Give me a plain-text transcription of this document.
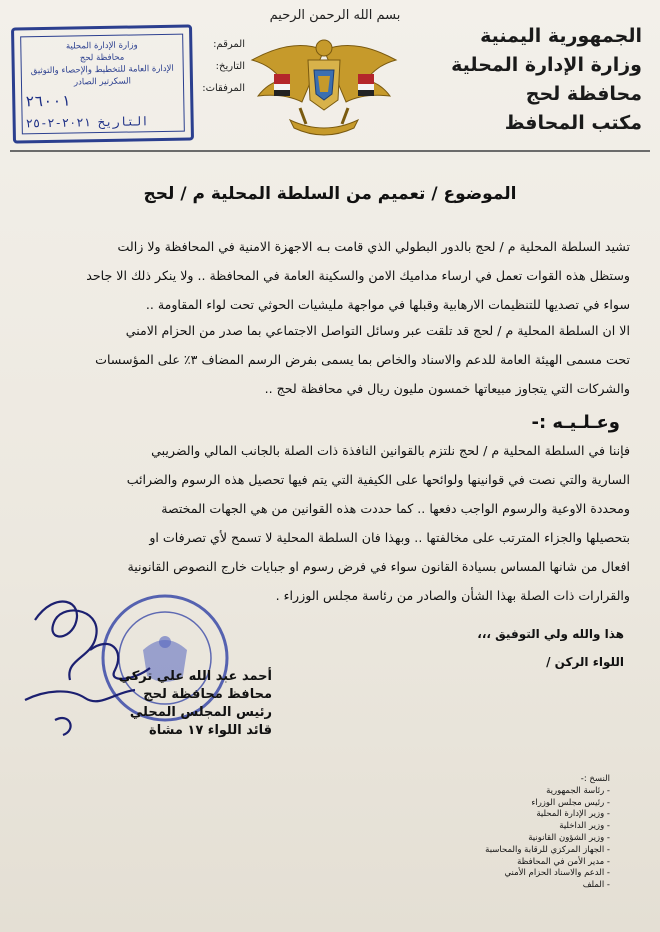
بسم الله الرحمن الرحيم
الجمهورية اليمنية
وزارة الإدارة المحلية
محافظة لحج
مكتب المحافظ
المرقم:
التاريخ:
المرفقات:
وزارة الإدارة المحلية
محافظة لحج
الإدارة العامة للتخطيط والإحصاء والتوثيق
السكرتير الصادر
٢٦٠٠١
التاريخ ٢٠٢١-٢-٢٥
الموضوع / تعميم من السلطة المحلية م / لحج
تشيد السلطة المحلية م / لحج بالدور البطولي الذي قامت بـه الاجهزة الامنية في المحافظة ولا زالت
وستظل هذه القوات تعمل في ارساء مداميك الامن والسكينة العامة في المحافظة .. ولا ينكر ذلك الا جاحد
سواء في تصديها للتنظيمات الارهابية وقبلها في مواجهة مليشيات الحوثي تحت لواء المقاومة ..
الا ان السلطة المحلية م / لحج قد تلقت عبر وسائل التواصل الاجتماعي بما صدر من الحزام الامني
تحت مسمى الهيئة العامة للدعم والاسناد والخاص بما يسمى بفرض الرسم المضاف ٣٪ على المؤسسات
والشركات التي يتجاوز مبيعاتها خمسون مليون ريال في محافظة لحج ..
وعـلـيـه :-
فإننا في السلطة المحلية م / لحج نلتزم بالقوانين النافذة ذات الصلة بالجانب المالي والضريبي
السارية والتي نصت في قوانينها ولوائحها على الكيفية التي يتم فيها تحصيل هذه الرسوم والضرائب
ومحددة الاوعية والرسوم الواجب دفعها .. كما حددت هذه القوانين من هي الجهات المختصة
بتحصيلها والجزاء المترتب على مخالفتها .. وبهذا فان السلطة المحلية لا تسمح لأي تصرفات او
افعال من شانها المساس بسيادة القانون سواء في فرض رسوم او جبايات خارج النصوص القانونية
والقرارات ذات الصلة بهذا الشأن والصادر من رئاسة مجلس الوزراء .
هذا والله ولي التوفيق ،،،
اللواء الركن /
أحمد عبد الله علي تركي
محافظ محافظة لحج
رئيس المجلس المحلي
قائد اللواء ١٧ مشاة
النسخ :-
- رئاسة الجمهورية
- رئيس مجلس الوزراء
- وزير الإدارة المحلية
- وزير الداخلية
- وزير الشؤون القانونية
- الجهاز المركزي للرقابة والمحاسبة
- مدير الأمن في المحافظة
- الدعم والاسناد الحزام الأمني
- الملف
